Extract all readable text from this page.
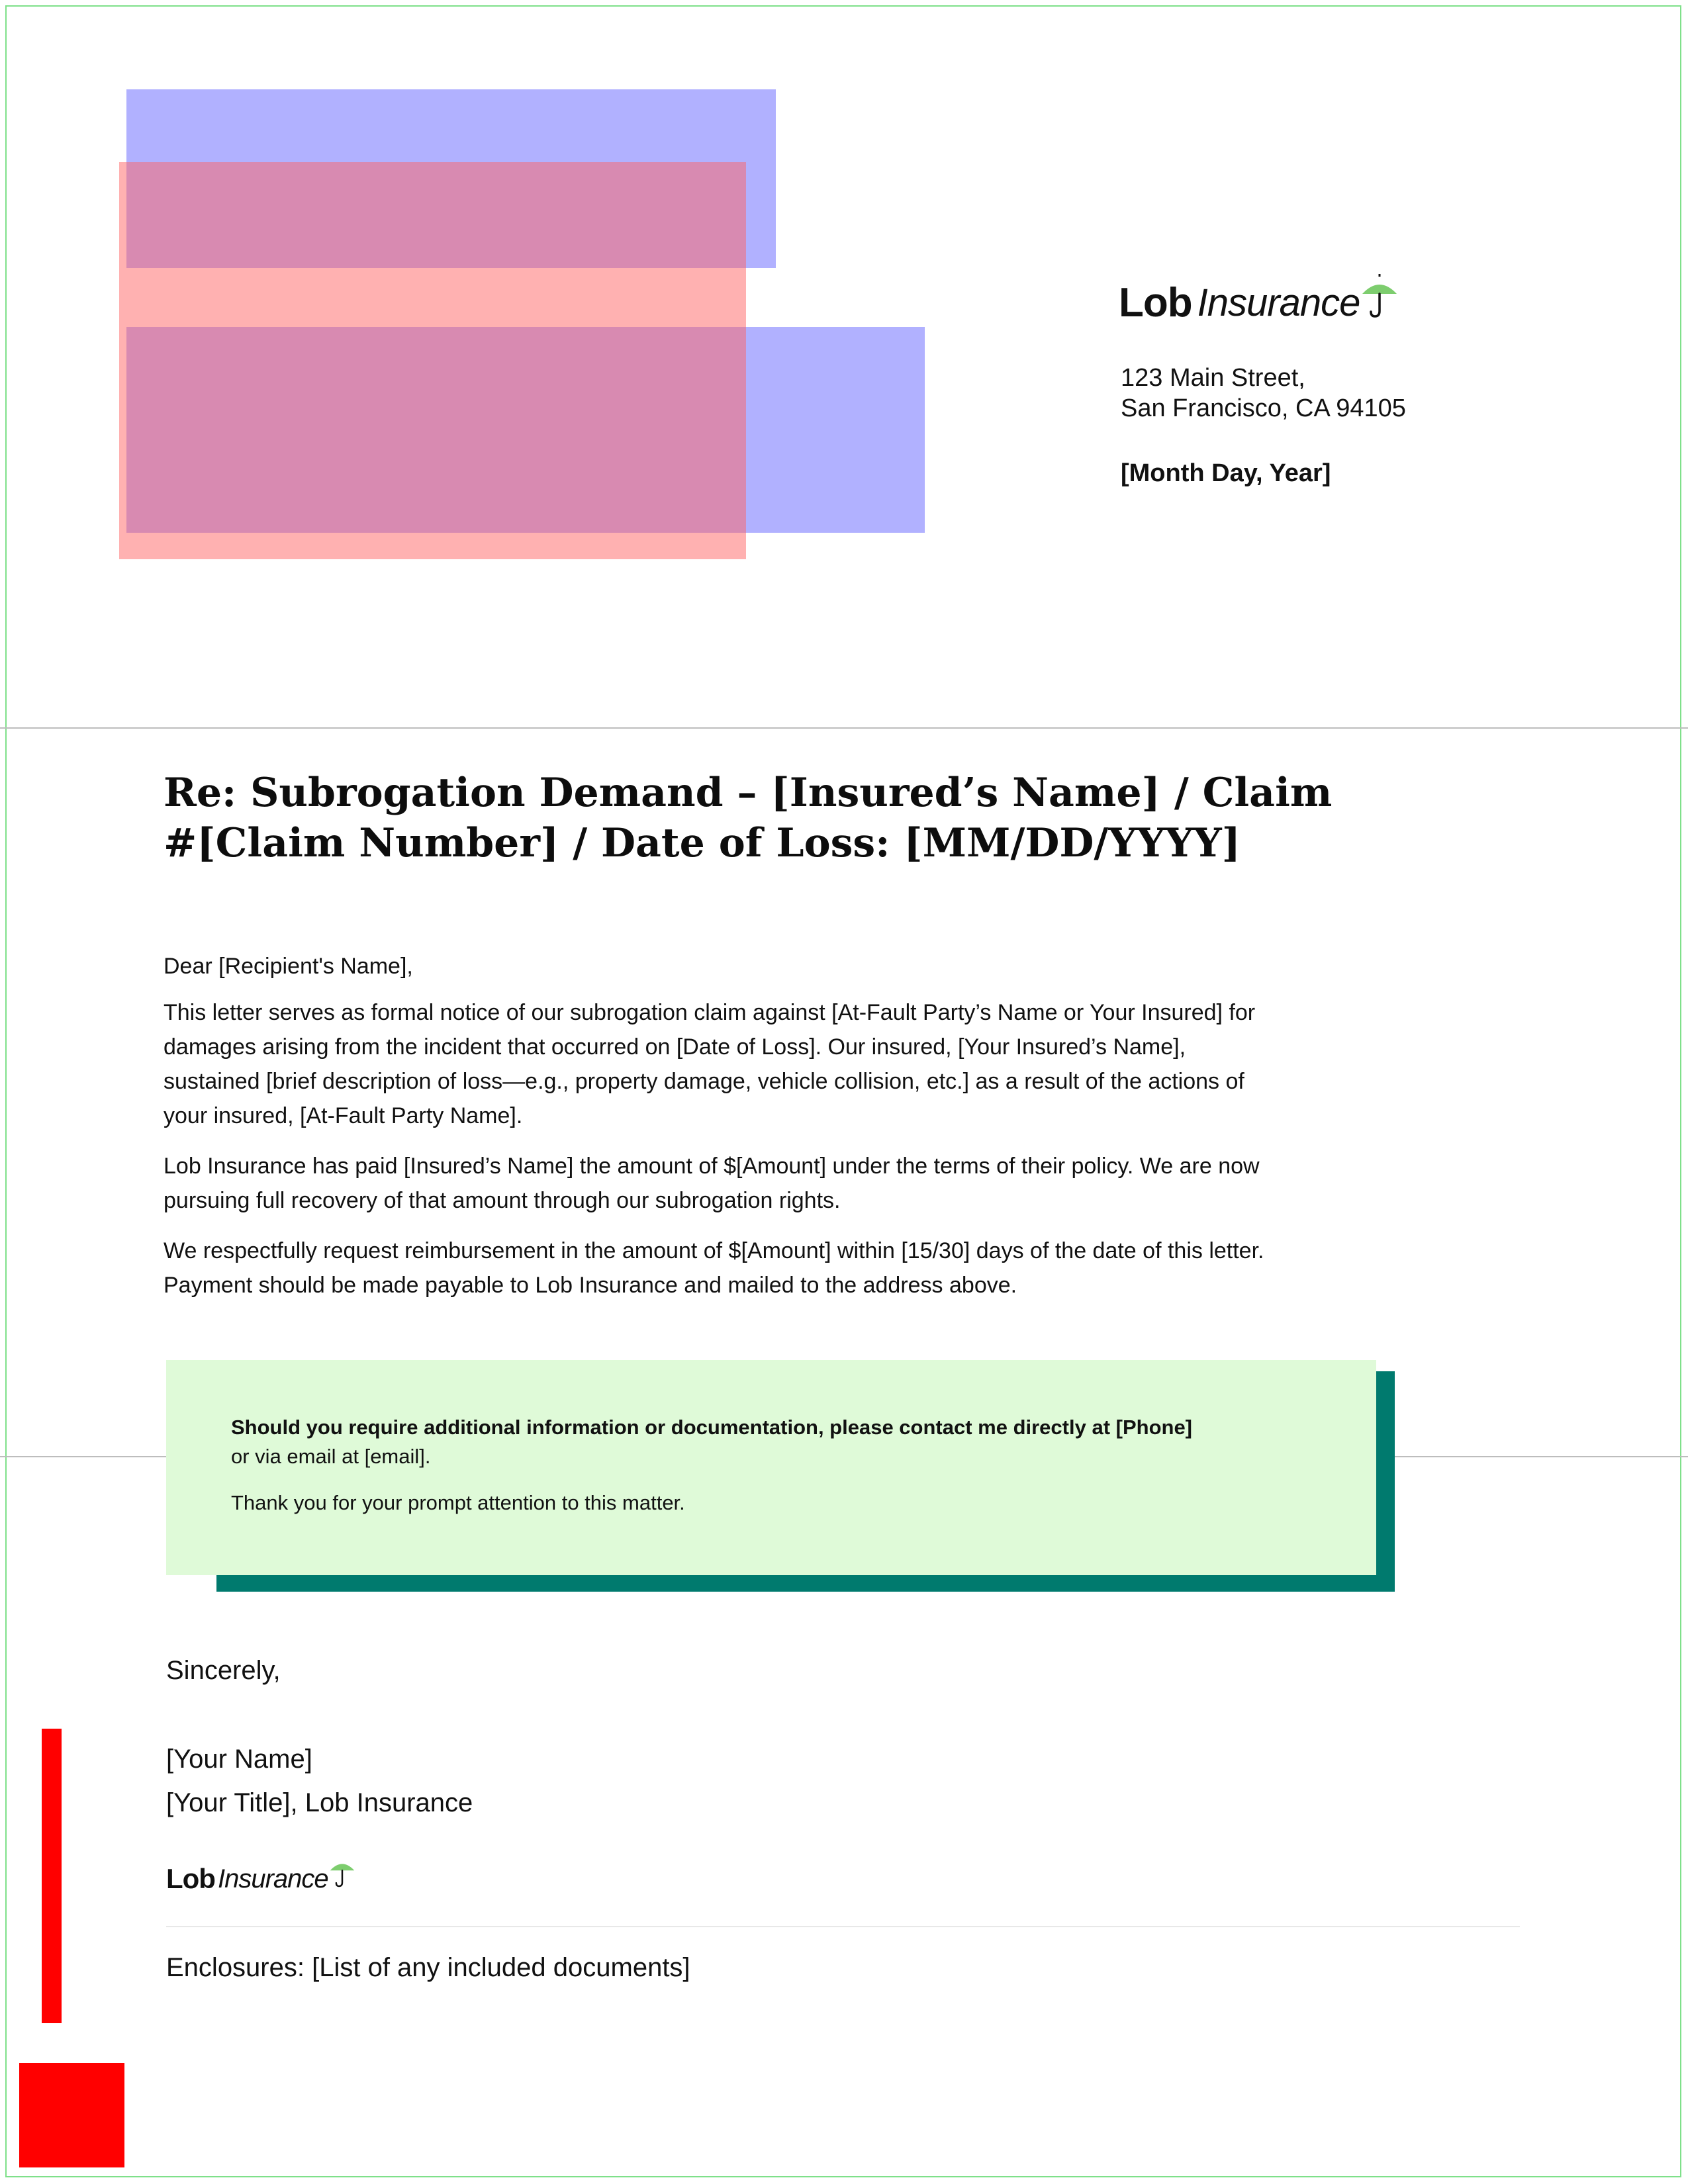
Lob Insurance
123 Main Street,
San Francisco, CA 94105
[Month Day, Year]
Re: Subrogation Demand – [Insured’s Name] / Claim
#[Claim Number] / Date of Loss: [MM/DD/YYYY]

Dear [Recipient's Name],

This letter serves as formal notice of our subrogation claim against [At-Fault Party’s Name or Your Insured] for
damages arising from the incident that occurred on [Date of Loss]. Our insured, [Your Insured’s Name],
sustained [brief description of loss—e.g., property damage, vehicle collision, etc.] as a result of the actions of
your insured, [At-Fault Party Name].

Lob Insurance has paid [Insured’s Name] the amount of $[Amount] under the terms of their policy. We are now
pursuing full recovery of that amount through our subrogation rights.

We respectfully request reimbursement in the amount of $[Amount] within [15/30] days of the date of this letter.
Payment should be made payable to Lob Insurance and mailed to the address above.

Should you require additional information or documentation, please contact me directly at [Phone]
or via email at [email].
Thank you for your prompt attention to this matter.
Sincerely,
[Your Name]
[Your Title], Lob Insurance
Lob Insurance
Enclosures: [List of any included documents]
